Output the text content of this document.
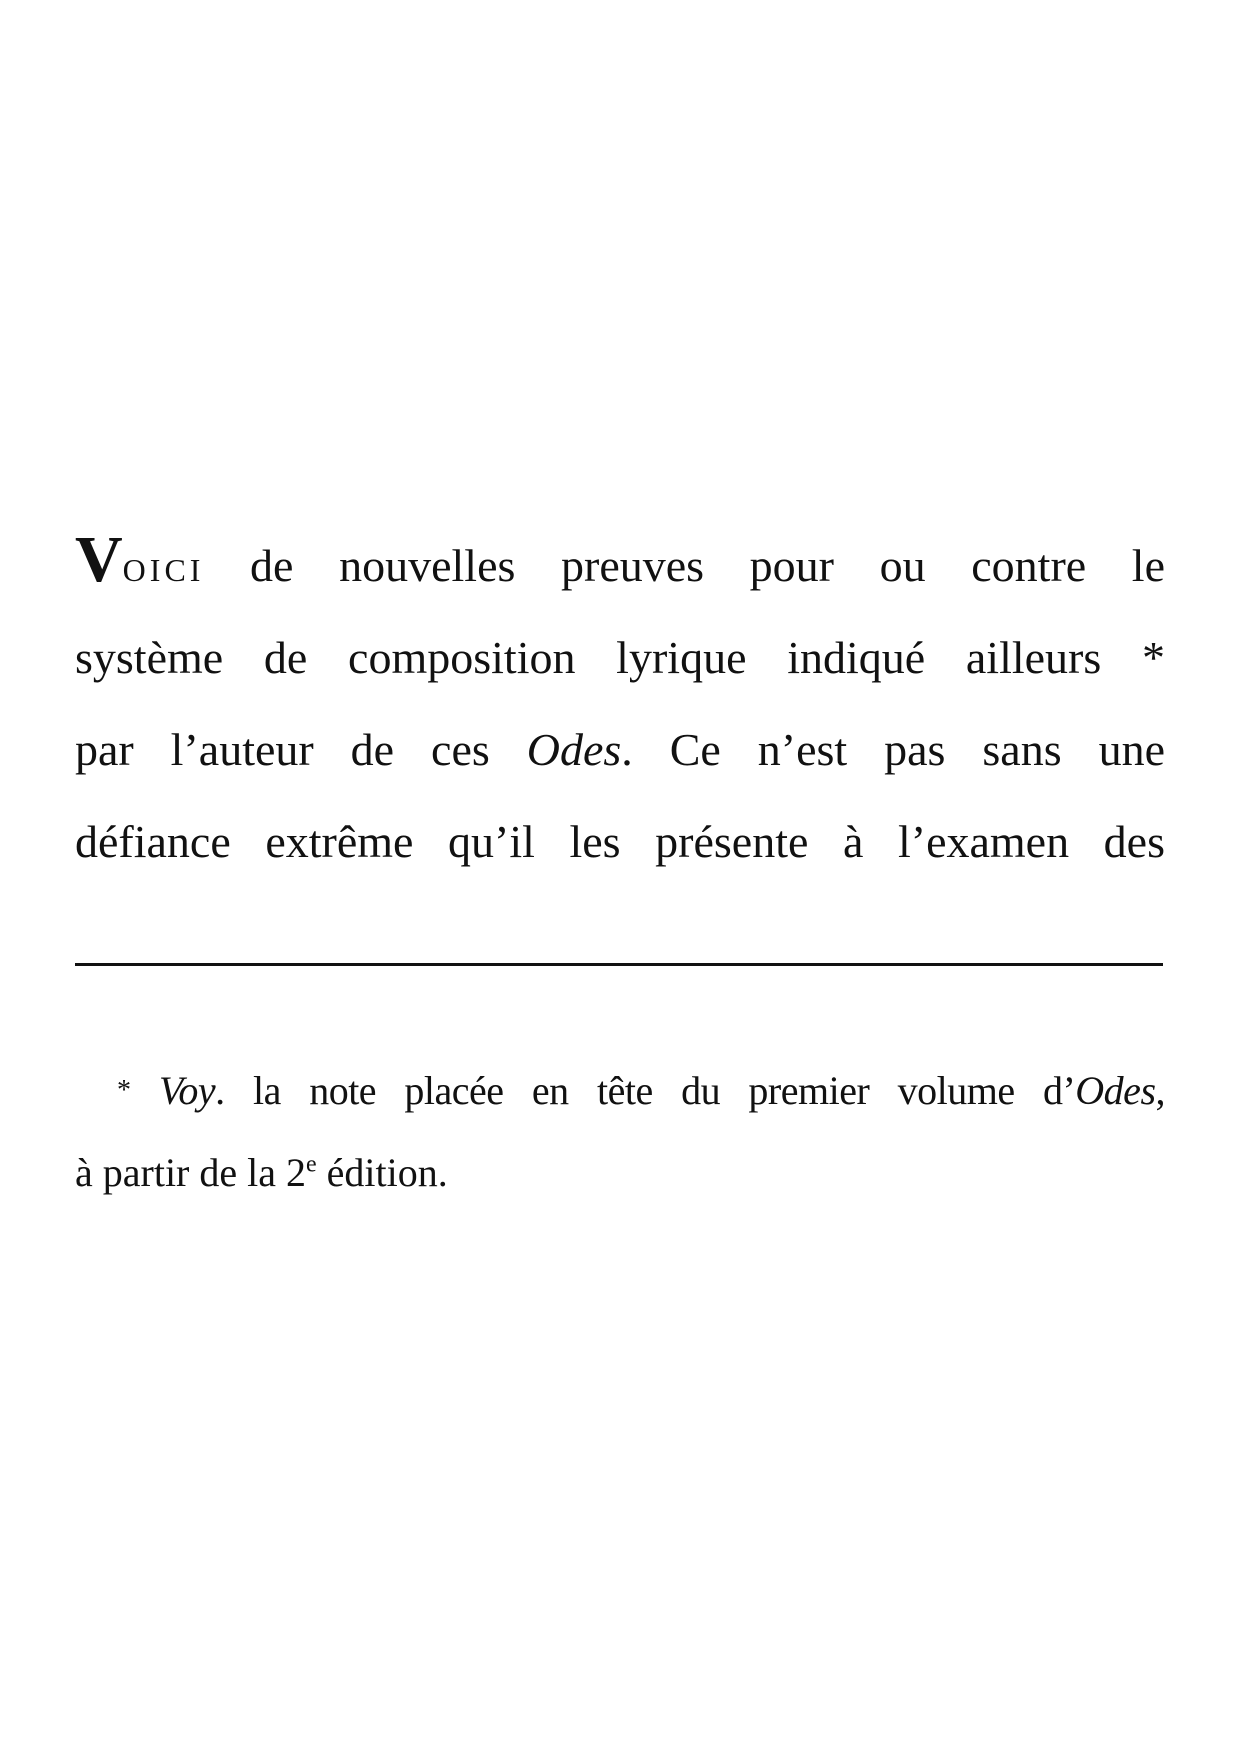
Voici de nouvelles preuves pour ou contre le
système de composition lyrique indiqué ailleurs *
par l’auteur de ces Odes. Ce n’est pas sans une
défiance extrême qu’il les présente à l’examen des
* Voy. la note placée en tête du premier volume d’Odes,
à partir de la 2e édition.
